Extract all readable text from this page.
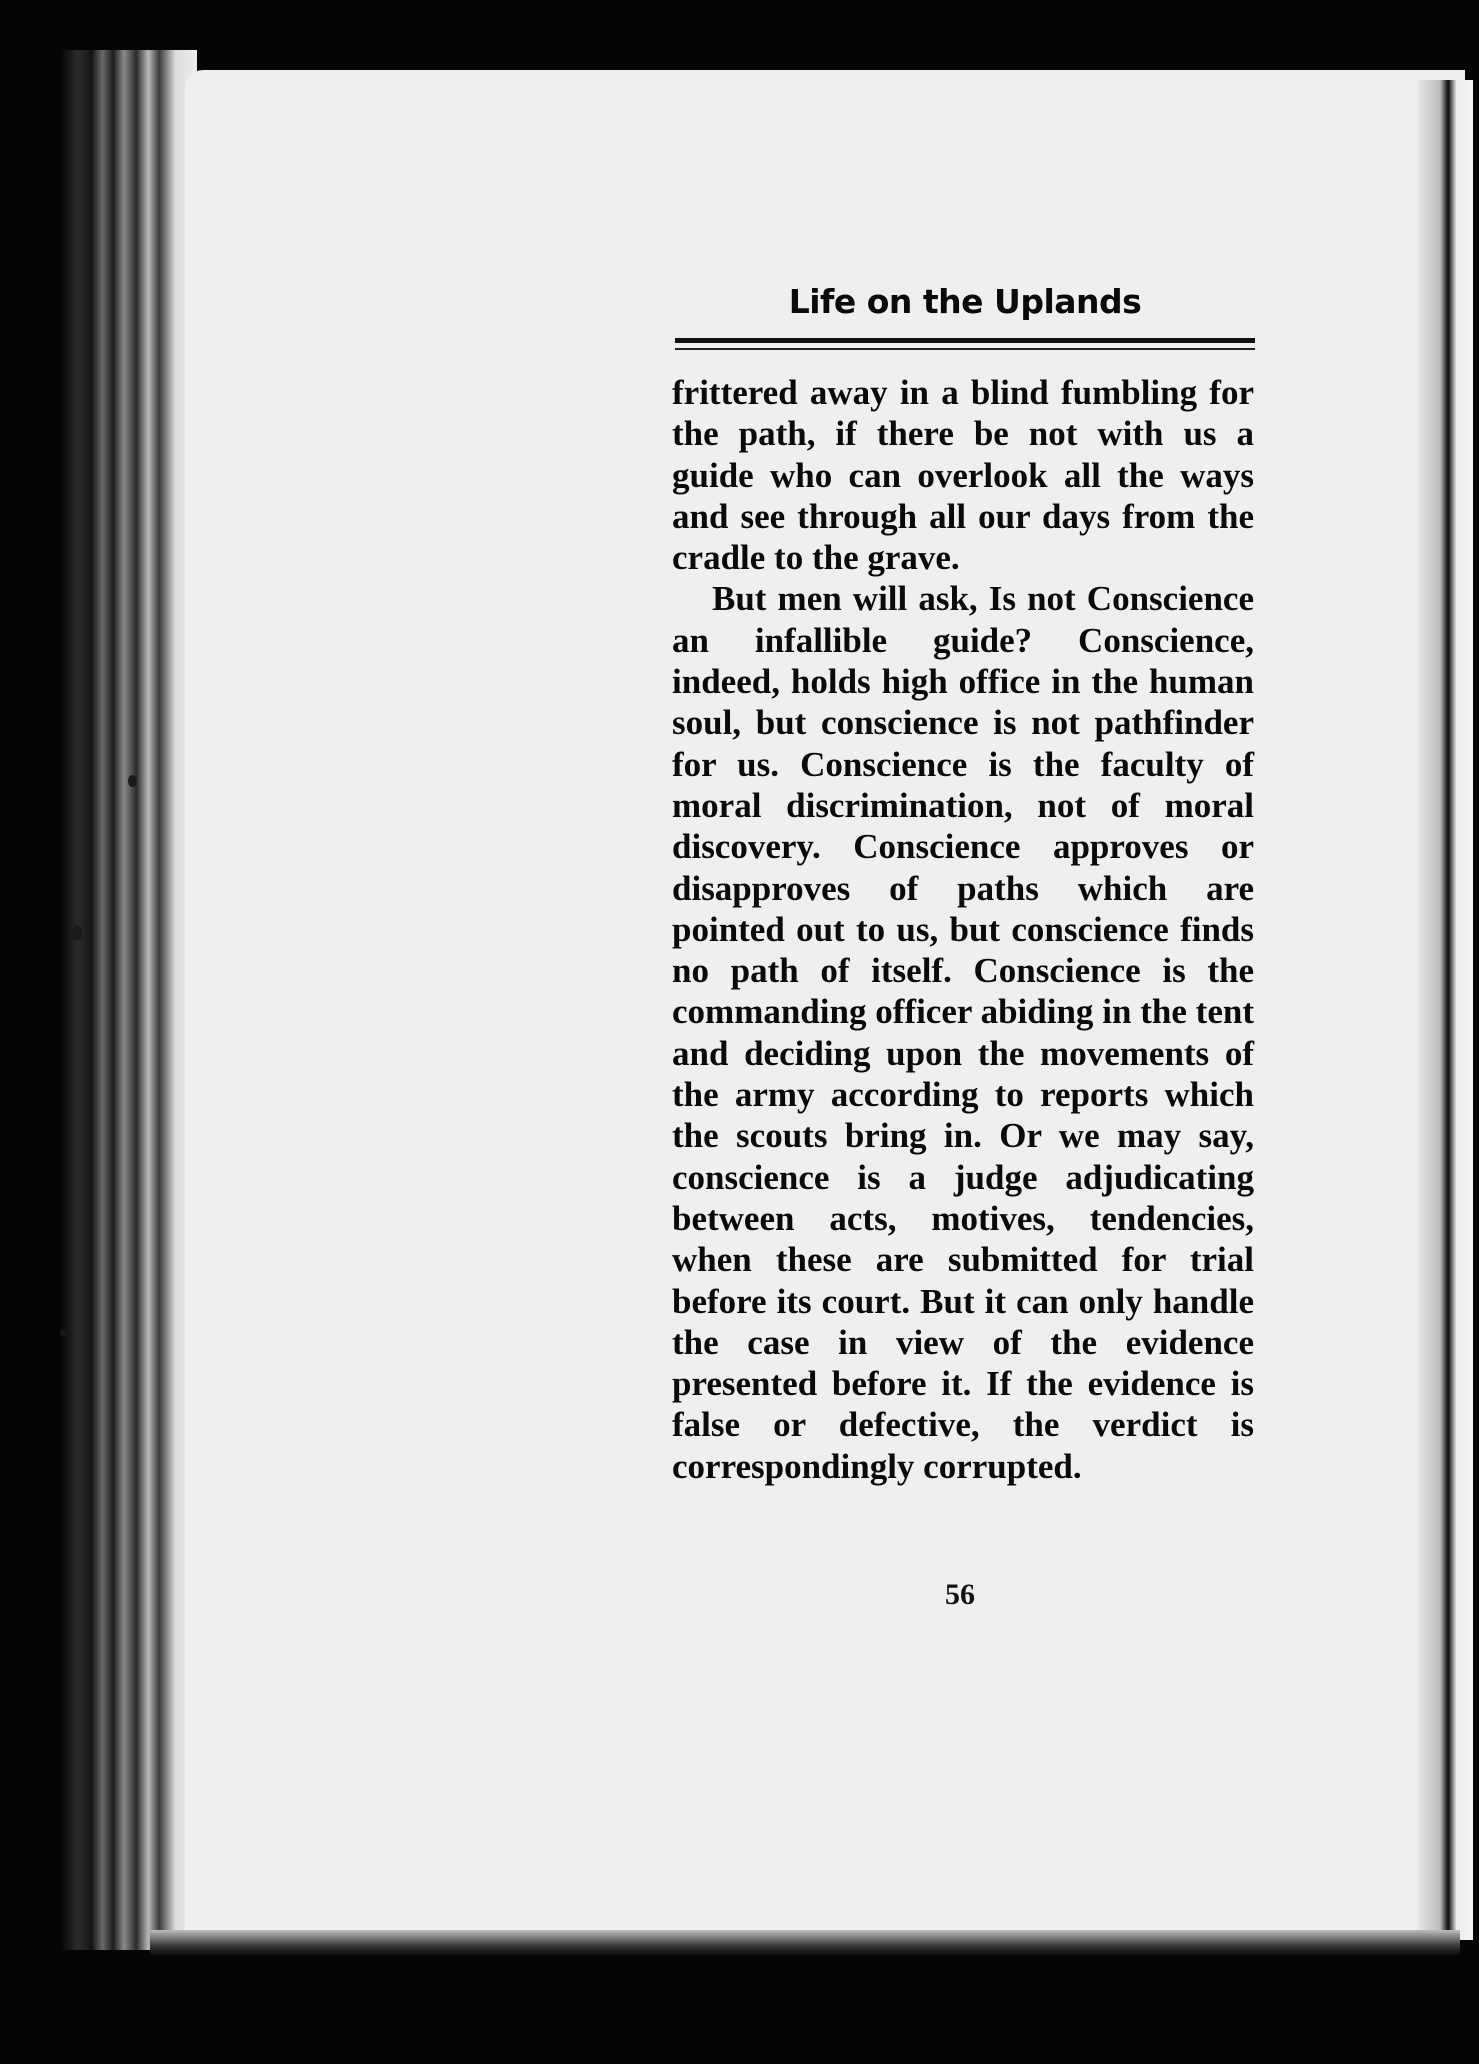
Life on the Uplands

frittered away in a blind fumbling for the path, if there be not with us a guide who can overlook all the ways and see through all our days from the cradle to the grave.

But men will ask, Is not Conscience an infallible guide? Conscience, indeed, holds high office in the human soul, but conscience is not pathfinder for us. Conscience is the faculty of moral discrimination, not of moral discovery. Conscience approves or disapproves of paths which are pointed out to us, but conscience finds no path of itself. Conscience is the commanding officer abiding in the tent and deciding upon the movements of the army according to reports which the scouts bring in. Or we may say, conscience is a judge adjudicating between acts, motives, tendencies, when these are submitted for trial before its court. But it can only handle the case in view of the evidence presented before it. If the evidence is false or defective, the verdict is correspondingly corrupted.

56
